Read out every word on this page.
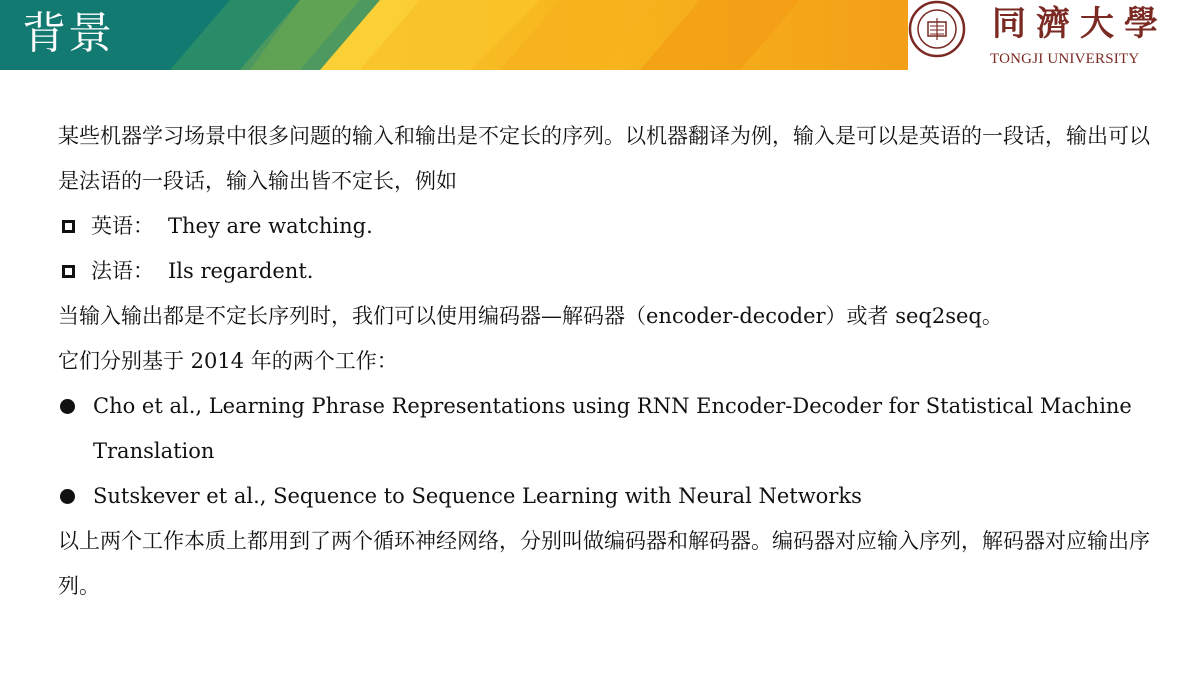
背景	同濟大學
TONGJI UNIVERSITY

某些机器学习场景中很多问题的输入和输出是不定长的序列。以机器翻译为例，输入是可以是英语的一段话，输出可以是法语的一段话，输入输出皆不定长，例如

英语： They are watching.
法语： Ils regardent.

当输入输出都是不定长序列时，我们可以使用编码器—解码器（encoder-decoder）或者 seq2seq。

它们分别基于 2014 年的两个工作：

Cho et al., Learning Phrase Representations using RNN Encoder-Decoder for Statistical Machine Translation
Sutskever et al., Sequence to Sequence Learning with Neural Networks

以上两个工作本质上都用到了两个循环神经网络，分别叫做编码器和解码器。编码器对应输入序列，解码器对应输出序列。
